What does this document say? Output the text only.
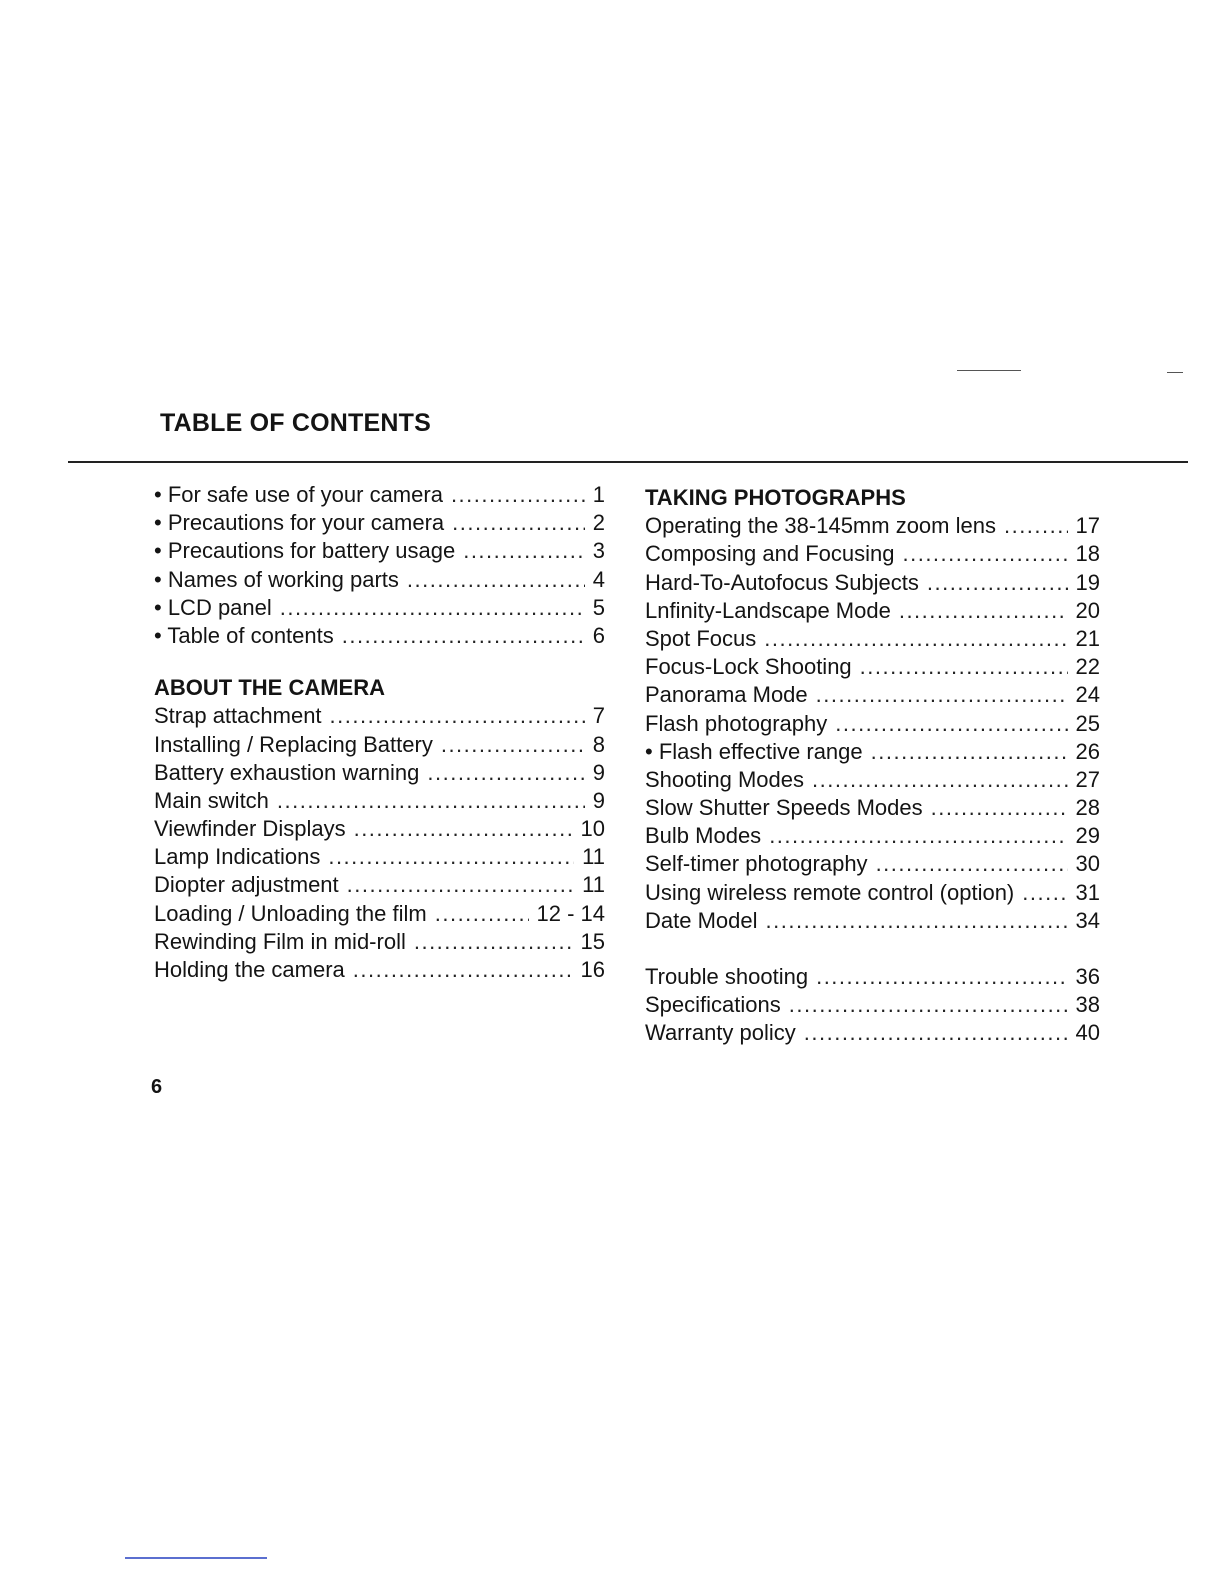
TABLE OF CONTENTS
• For safe use of your camera .....	1
• Precautions for your camera .....	2
• Precautions for battery usage .....	3
• Names of working parts .....	4
• LCD panel .....	5
• Table of contents .....	6
ABOUT THE CAMERA
Strap attachment .....	7
Installing / Replacing Battery .....	8
Battery exhaustion warning .....	9
Main switch .....	9
Viewfinder Displays .....	10
Lamp Indications .....	11
Diopter adjustment .....	11
Loading / Unloading the film .....	12 - 14
Rewinding Film in mid-roll .....	15
Holding the camera .....	16
TAKING PHOTOGRAPHS
Operating the 38-145mm zoom lens .....	17
Composing and Focusing .....	18
Hard-To-Autofocus Subjects .....	19
Lnfinity-Landscape Mode .....	20
Spot Focus .....	21
Focus-Lock Shooting .....	22
Panorama Mode .....	24
Flash photography .....	25
• Flash effective range .....	26
Shooting Modes .....	27
Slow Shutter Speeds Modes .....	28
Bulb Modes .....	29
Self-timer photography .....	30
Using wireless remote control (option) .....	31
Date Model .....	34
Trouble shooting .....	36
Specifications .....	38
Warranty policy .....	40
6
